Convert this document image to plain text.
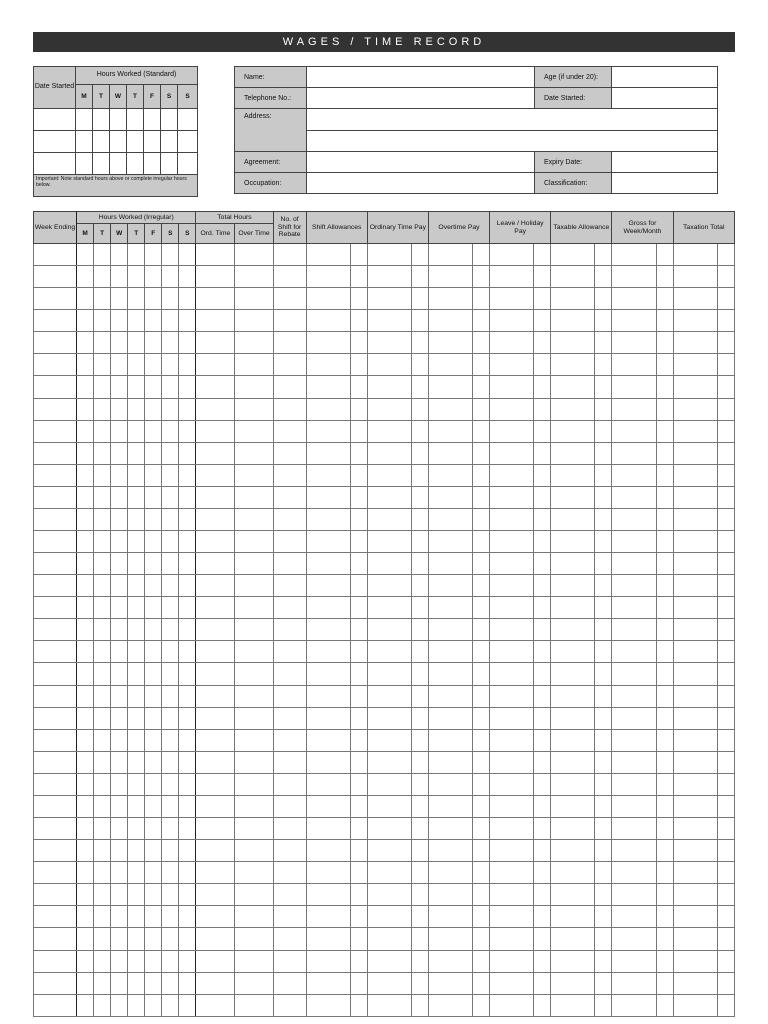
WAGES / TIME RECORD
Date Started	Hours Worked (Standard)						
	M	T	W	T	F	S	S

Important: Note standard hours above or complete irregular hours below.							
Name:		Age (if under 20):	
Telephone No.:		Date Started:	
Address:			

Agreement:		Expiry Date:	
Occupation:		Classification:	
Week Ending	Hours Worked (Irregular)							Total Hours		No. of Shift for Rebate	Shift Allowances		Ordinary Time Pay		Overtime Pay		Leave / Holiday Pay		Taxable Allowance		Gross for Week/Month		Taxation Total	
	M	T	W	T	F	S	S	Ord. Time	Over Time															
